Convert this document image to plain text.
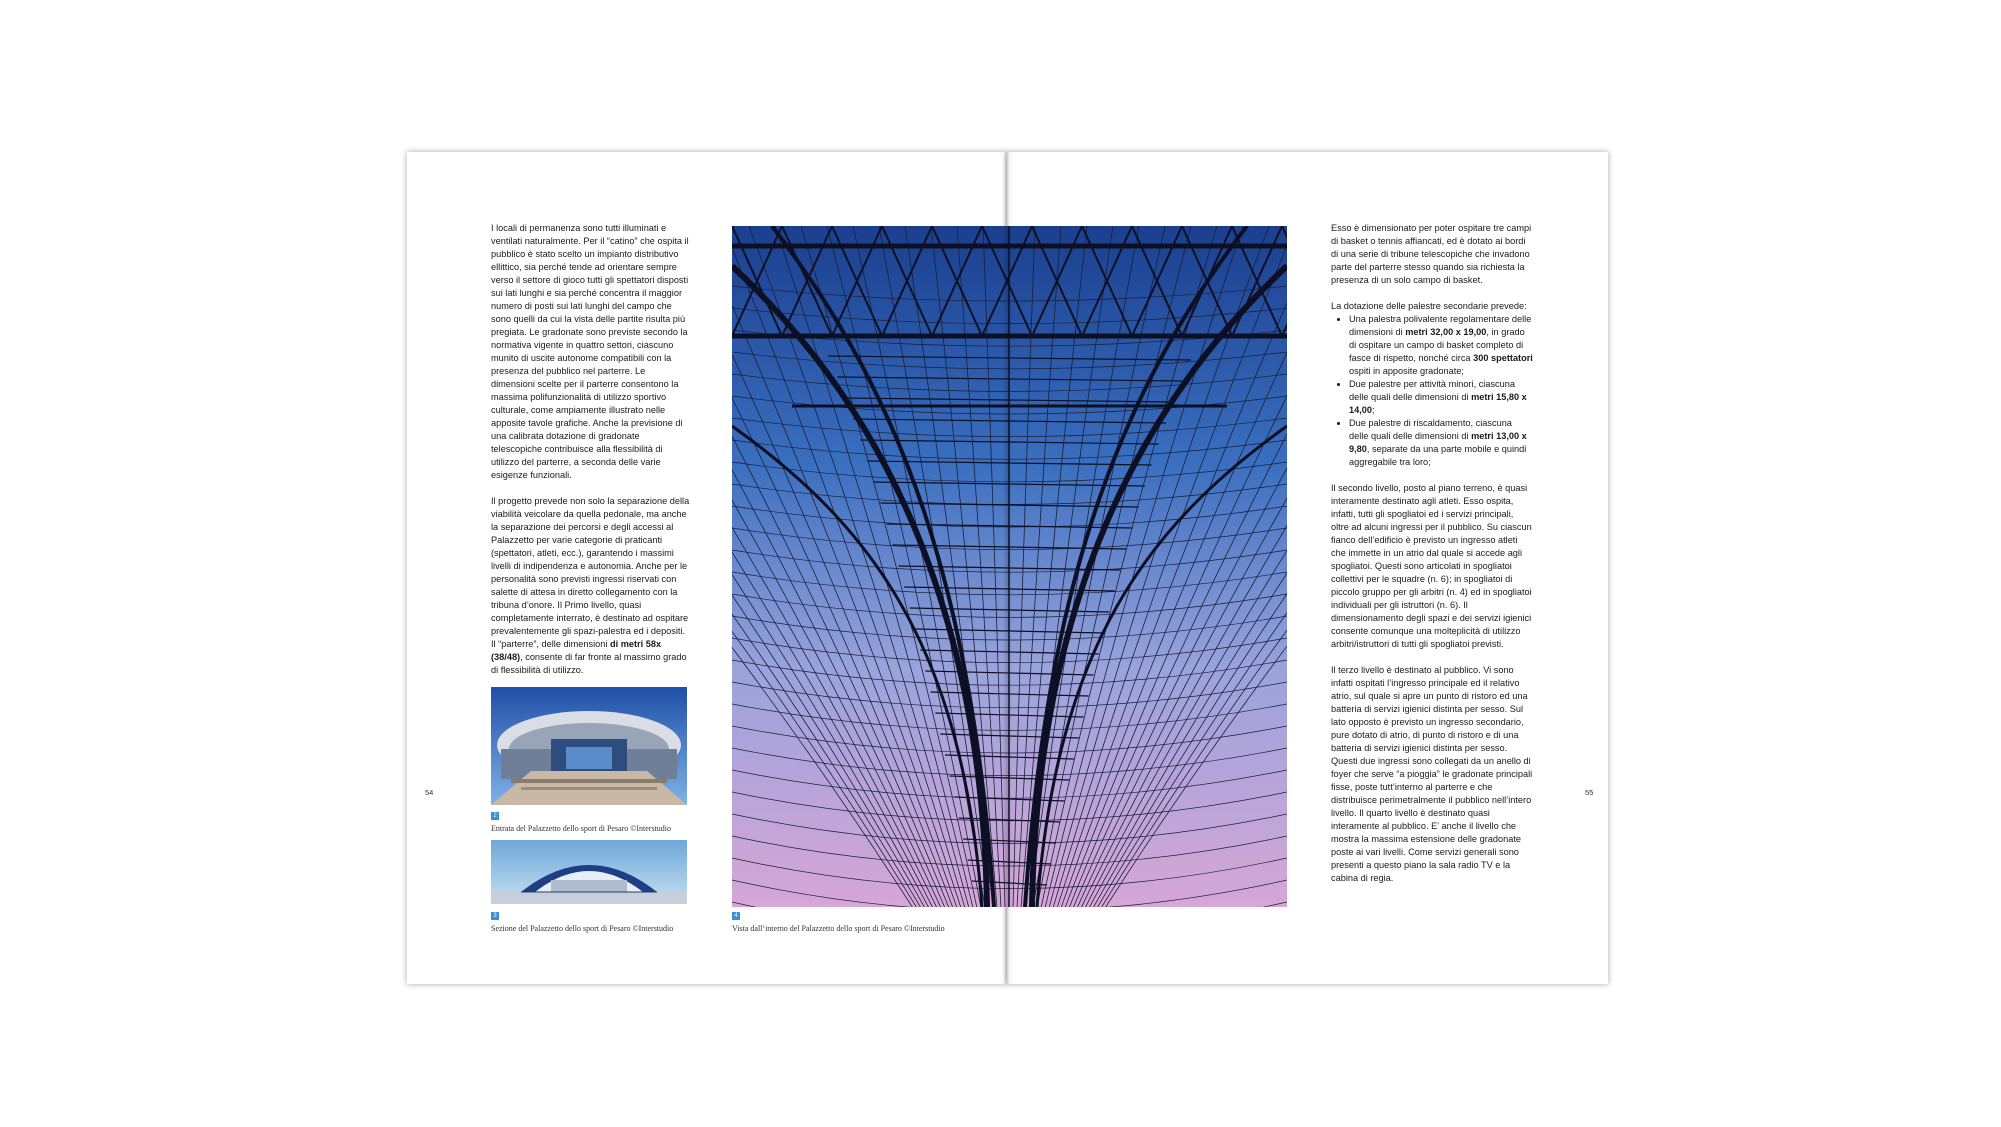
I locali di permanenza sono tutti illuminati e ventilati naturalmente. Per il “catino” che ospita il pubblico è stato scelto un impianto distributivo ellittico, sia perché tende ad orientare sempre verso il settore di gioco tutti gli spettatori disposti sui lati lunghi e sia perché concentra il maggior numero di posti sui lati lunghi del campo che sono quelli da cui la vista delle partite risulta più pregiata. Le gradonate sono previste secondo la normativa vigente in quattro settori, ciascuno munito di uscite autonome compatibili con la presenza del pubblico nel parterre. Le dimensioni scelte per il parterre consentono la massima polifunzionalità di utilizzo sportivo culturale, come ampiamente illustrato nelle apposite tavole grafiche. Anche la previsione di una calibrata dotazione di gradonate telescopiche contribuisce alla flessibilità di utilizzo del parterre, a seconda delle varie esigenze funzionali.

Il progetto prevede non solo la separazione della viabilità veicolare da quella pedonale, ma anche la separazione dei percorsi e degli accessi al Palazzetto per varie categorie di praticanti (spettatori, atleti, ecc.), garantendo i massimi livelli di indipendenza e autonomia. Anche per le personalità sono previsti ingressi riservati con salette di attesa in diretto collegamento con la tribuna d’onore. Il Primo livello, quasi completamente interrato, è destinato ad ospitare prevalentemente gli spazi-palestra ed i depositi. Il “parterre”, delle dimensioni di metri 58x (38/48), consente di far fronte al massimo grado di flessibilità di utilizzo.

2
Entrata del Palazzetto dello sport di Pesaro ©Interstudio
3
Sezione del Palazzetto dello sport di Pesaro ©Interstudio
54
4
Vista dall’interno del Palazzetto dello sport di Pesaro ©Interstudio

Esso è dimensionato per poter ospitare tre campi di basket o tennis affiancati, ed è dotato ai bordi di una serie di tribune telescopiche che invadono parte del parterre stesso quando sia richiesta la presenza di un solo campo di basket.

La dotazione delle palestre secondarie prevede:
• Una palestra polivalente regolamentare delle dimensioni di metri 32,00 x 19,00, in grado di ospitare un campo di basket completo di fasce di rispetto, nonché circa 300 spettatori ospiti in apposite gradonate;
• Due palestre per attività minori, ciascuna delle quali delle dimensioni di metri 15,80 x 14,00;
• Due palestre di riscaldamento, ciascuna delle quali delle dimensioni di metri 13,00 x 9,80, separate da una parte mobile e quindi aggregabile tra loro;

Il secondo livello, posto al piano terreno, è quasi interamente destinato agli atleti. Esso ospita, infatti, tutti gli spogliatoi ed i servizi principali, oltre ad alcuni ingressi per il pubblico. Su ciascun fianco dell’edificio è previsto un ingresso atleti che immette in un atrio dal quale si accede agli spogliatoi. Questi sono articolati in spogliatoi collettivi per le squadre (n. 6); in spogliatoi di piccolo gruppo per gli arbitri (n. 4) ed in spogliatoi individuali per gli istruttori (n. 6). Il dimensionamento degli spazi e dei servizi igienici consente comunque una molteplicità di utilizzo arbitri/istruttori di tutti gli spogliatoi previsti.

Il terzo livello è destinato al pubblico. Vi sono infatti ospitati l’ingresso principale ed il relativo atrio, sul quale si apre un punto di ristoro ed una batteria di servizi igienici distinta per sesso. Sul lato opposto è previsto un ingresso secondario, pure dotato di atrio, di punto di ristoro e di una batteria di servizi igienici distinta per sesso. Questi due ingressi sono collegati da un anello di foyer che serve “a pioggia” le gradonate principali fisse, poste tutt’interno al parterre e che distribuisce perimetralmente il pubblico nell’intero livello. Il quarto livello è destinato quasi interamente al pubblico. E’ anche il livello che mostra la massima estensione delle gradonate poste ai vari livelli. Come servizi generali sono presenti a questo piano la sala radio TV e la cabina di regia.

55
